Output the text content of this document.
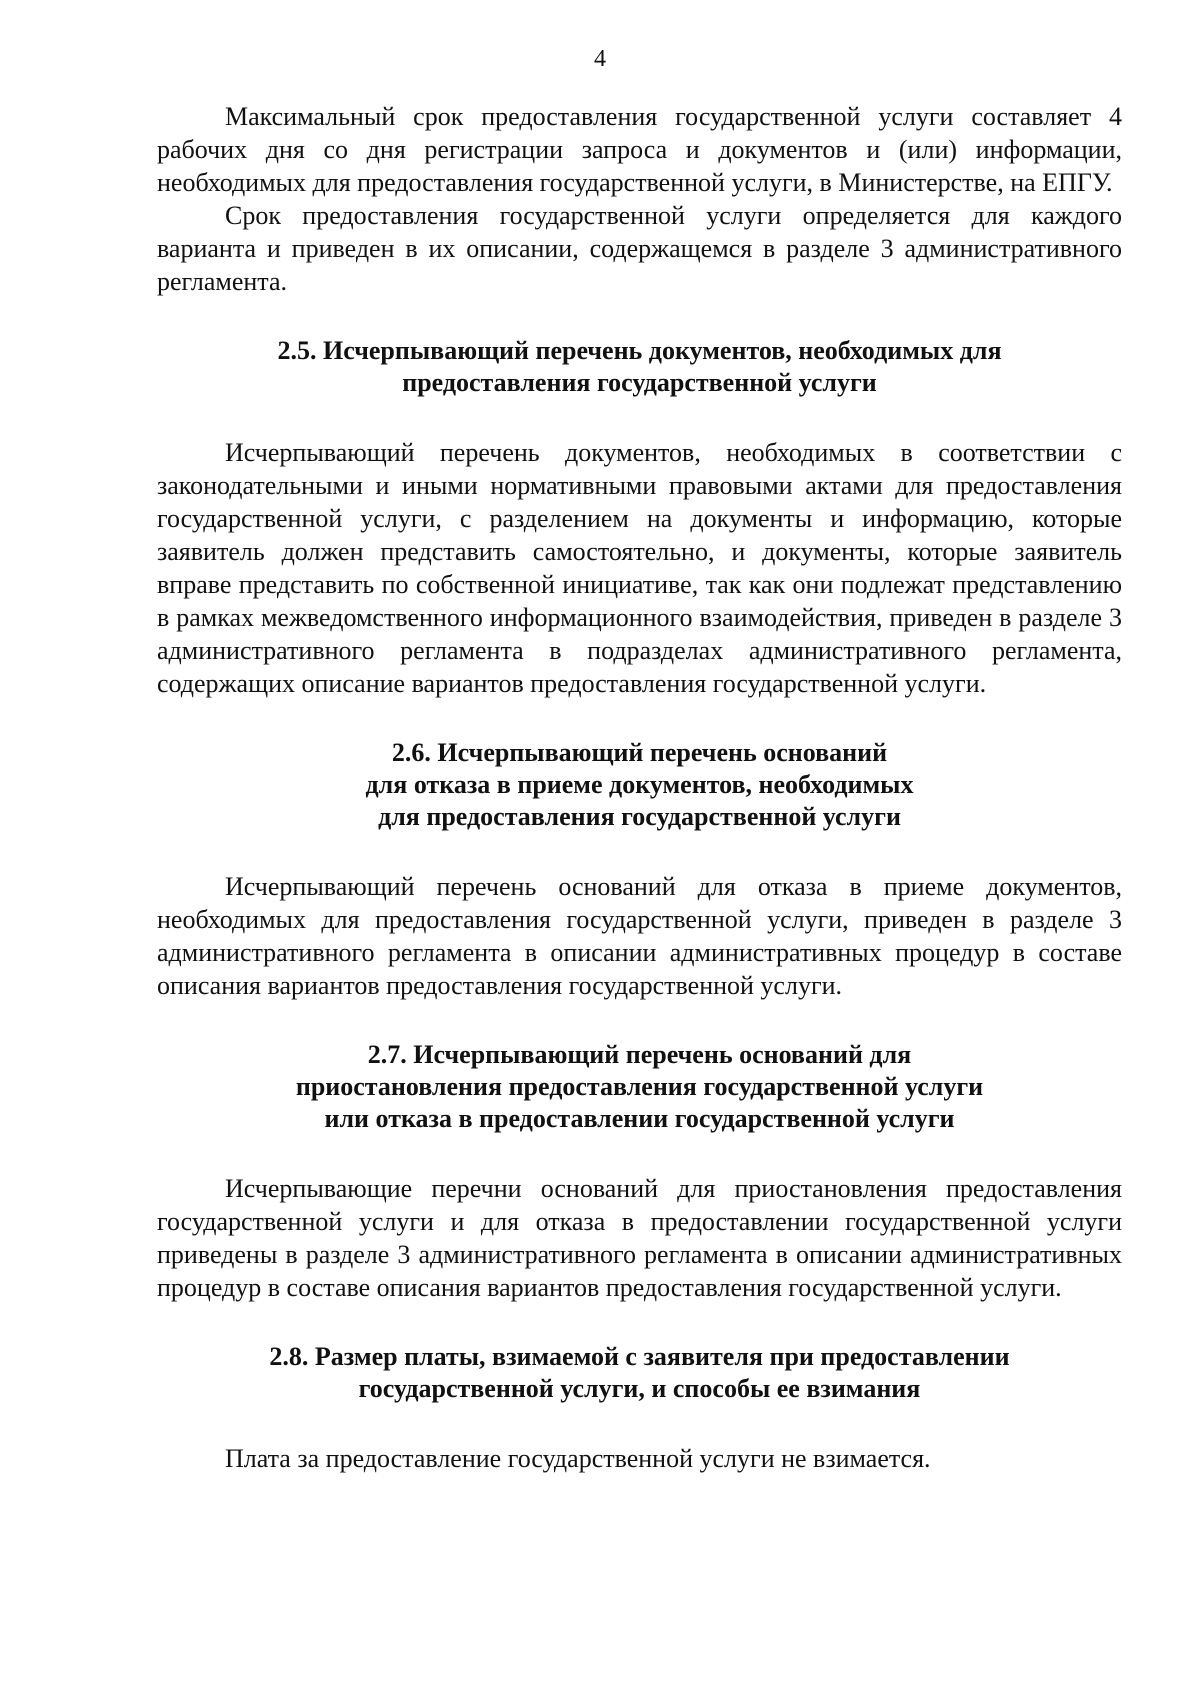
4

Максимальный срок предоставления государственной услуги составляет 4 рабочих дня со дня регистрации запроса и документов и (или) информации, необходимых для предоставления государственной услуги, в Министерстве, на ЕПГУ.

Срок предоставления государственной услуги определяется для каждого варианта и приведен в их описании, содержащемся в разделе 3 административного регламента.

2.5. Исчерпывающий перечень документов, необходимых для
предоставления государственной услуги

Исчерпывающий перечень документов, необходимых в соответствии с законодательными и иными нормативными правовыми актами для предоставления государственной услуги, с разделением на документы и информацию, которые заявитель должен представить самостоятельно, и документы, которые заявитель вправе представить по собственной инициативе, так как они подлежат представлению в рамках межведомственного информационного взаимодействия, приведен в разделе 3 административного регламента в подразделах административного регламента, содержащих описание вариантов предоставления государственной услуги.

2.6. Исчерпывающий перечень оснований
для отказа в приеме документов, необходимых
для предоставления государственной услуги

Исчерпывающий перечень оснований для отказа в приеме документов, необходимых для предоставления государственной услуги, приведен в разделе 3 административного регламента в описании административных процедур в составе описания вариантов предоставления государственной услуги.

2.7. Исчерпывающий перечень оснований для
приостановления предоставления государственной услуги
или отказа в предоставлении государственной услуги

Исчерпывающие перечни оснований для приостановления предоставления государственной услуги и для отказа в предоставлении государственной услуги приведены в разделе 3 административного регламента в описании административных процедур в составе описания вариантов предоставления государственной услуги.

2.8. Размер платы, взимаемой с заявителя при предоставлении
государственной услуги, и способы ее взимания

Плата за предоставление государственной услуги не взимается.
